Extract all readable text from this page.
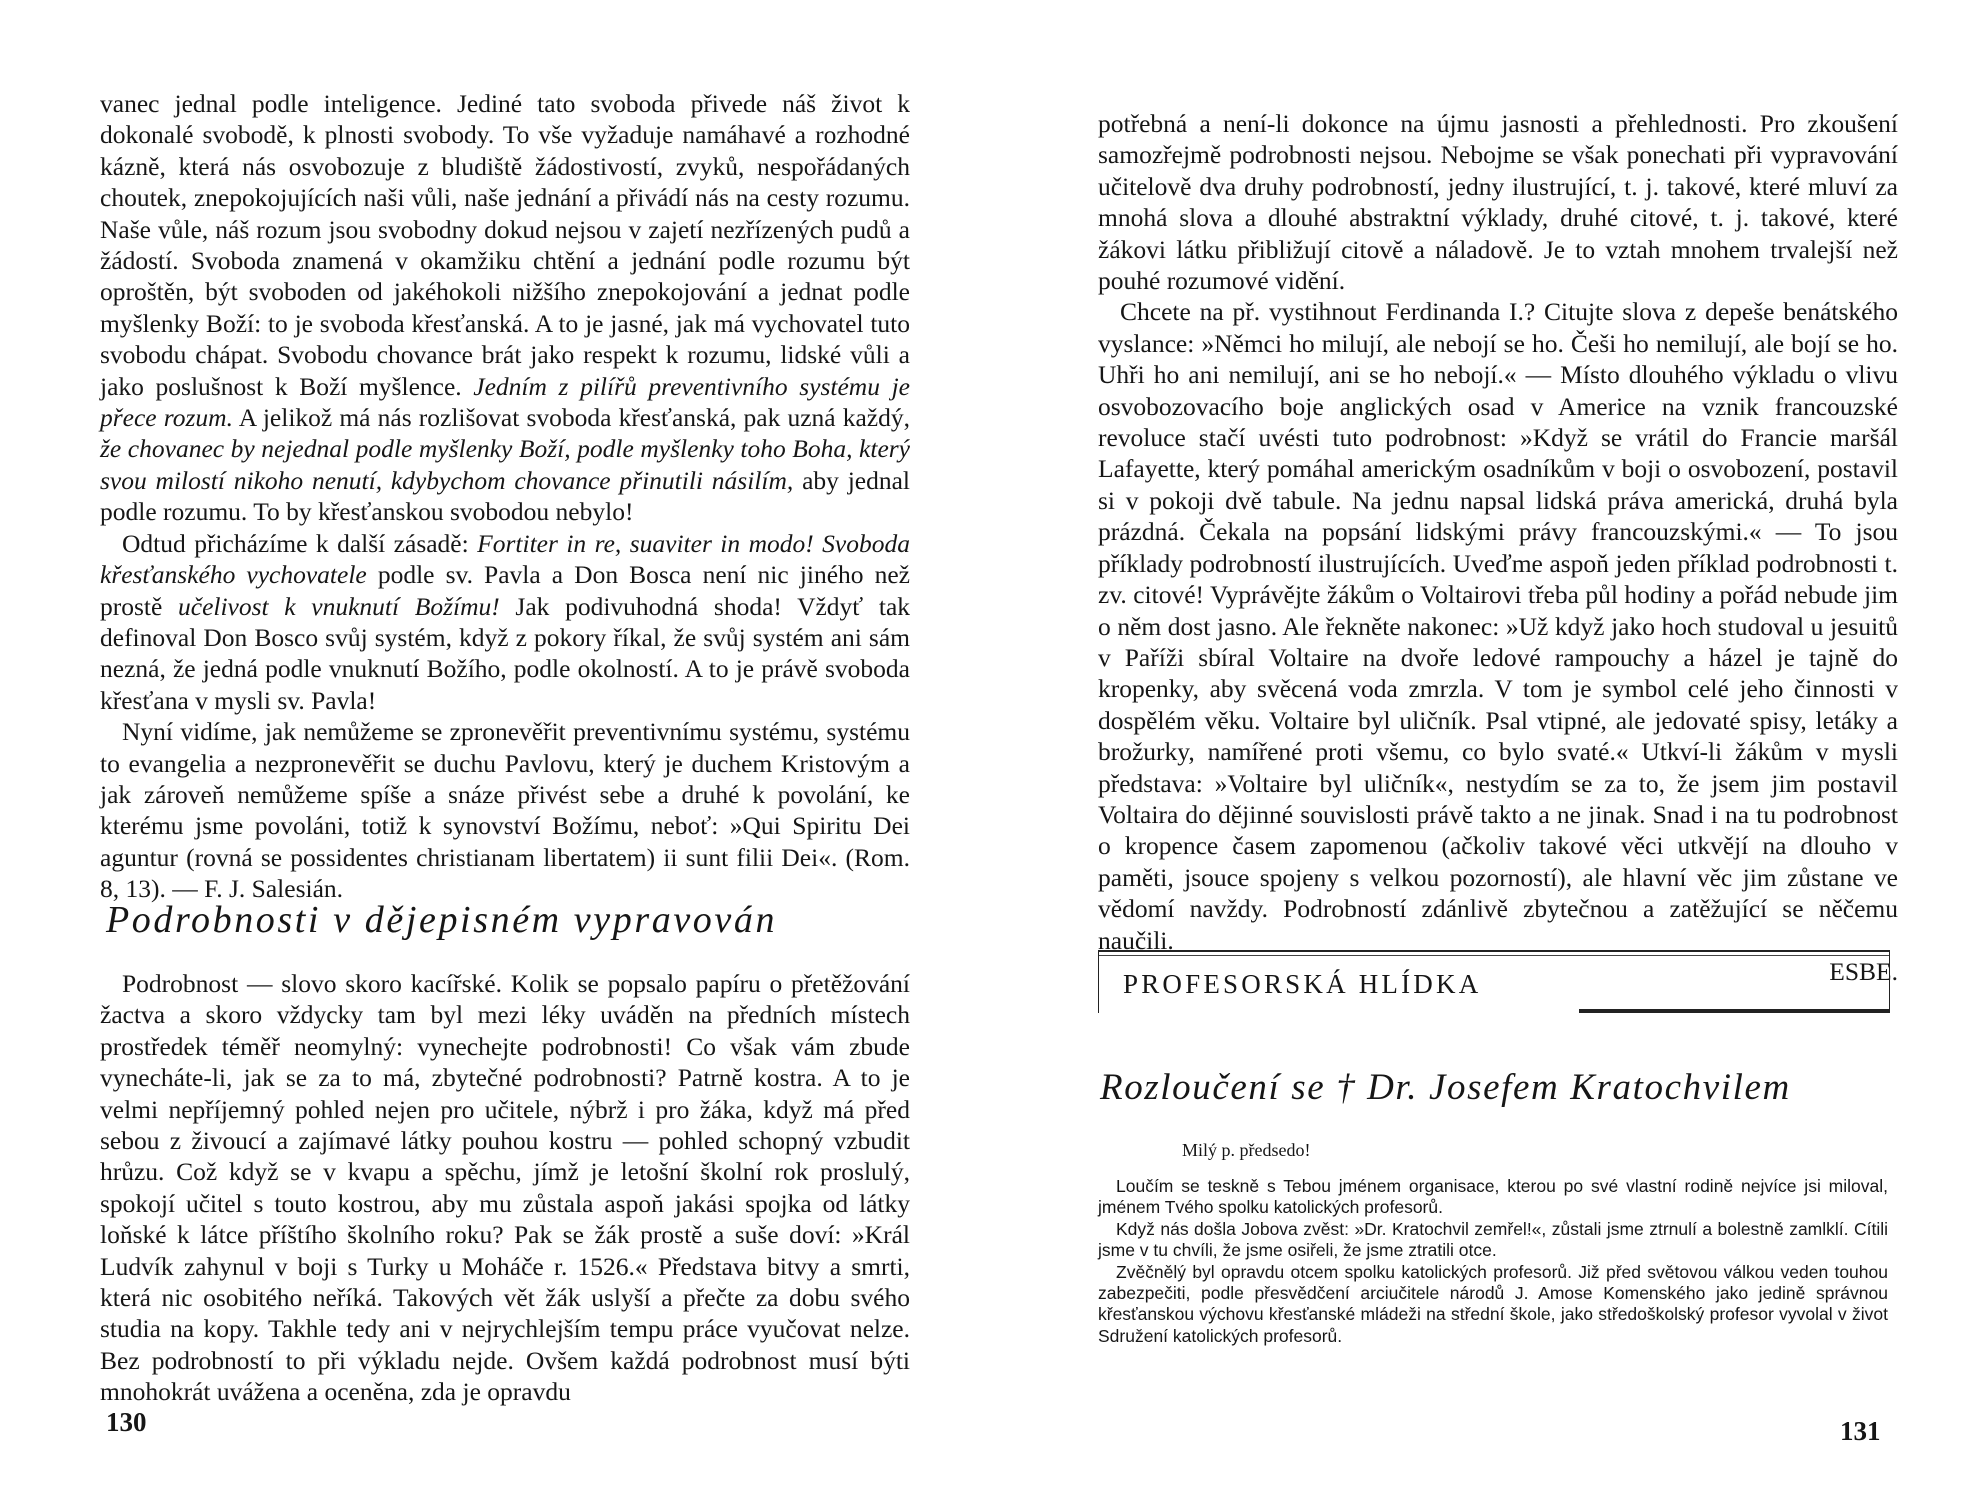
vanec jednal podle inteligence. Jediné tato svoboda přivede náš život k dokonalé svobodě, k plnosti svobody. To vše vyžaduje namáhavé a rozhodné kázně, která nás osvobozuje z bludiště žádostivostí, zvyků, nespořádaných choutek, znepokojujících naši vůli, naše jednání a přivádí nás na cesty rozumu. Naše vůle, náš rozum jsou svobodny dokud nejsou v zajetí nezřízených pudů a žádostí. Svoboda znamená v okamžiku chtění a jednání podle rozumu být oproštěn, být svoboden od jakéhokoli nižšího znepokojování a jednat podle myšlenky Boží: to je svoboda křesťanská. A to je jasné, jak má vychovatel tuto svobodu chápat. Svobodu chovance brát jako respekt k rozumu, lidské vůli a jako poslušnost k Boží myšlence. Jedním z pilířů preventivního systému je přece rozum. A jelikož má nás rozlišovat svoboda křesťanská, pak uzná každý, že chovanec by nejednal podle myšlenky Boží, podle myšlenky toho Boha, který svou milostí nikoho nenutí, kdybychom chovance přinutili násilím, aby jednal podle rozumu. To by křesťanskou svobodou nebylo!

Odtud přicházíme k další zásadě: Fortiter in re, suaviter in modo! Svoboda křesťanského vychovatele podle sv. Pavla a Don Bosca není nic jiného než prostě učelivost k vnuknutí Božímu! Jak podivuhodná shoda! Vždyť tak definoval Don Bosco svůj systém, když z pokory říkal, že svůj systém ani sám nezná, že jedná podle vnuknutí Božího, podle okolností. A to je právě svoboda křesťana v mysli sv. Pavla!

Nyní vidíme, jak nemůžeme se zpronevěřit preventivnímu systému, systému to evangelia a nezpronevěřit se duchu Pavlovu, který je duchem Kristovým a jak zároveň nemůžeme spíše a snáze přivést sebe a druhé k povolání, ke kterému jsme povoláni, totiž k synovství Božímu, neboť: »Qui Spiritu Dei aguntur (rovná se possidentes christianam libertatem) ii sunt filii Dei«. (Rom. 8, 13). — F. J. Salesián.

Podrobnosti v dějepisném vypravován

Podrobnost — slovo skoro kacířské. Kolik se popsalo papíru o přetěžování žactva a skoro vždycky tam byl mezi léky uváděn na předních místech prostředek téměř neomylný: vynechejte podrobnosti! Co však vám zbude vynecháte-li, jak se za to má, zbytečné podrobnosti? Patrně kostra. A to je velmi nepříjemný pohled nejen pro učitele, nýbrž i pro žáka, když má před sebou z živoucí a zajímavé látky pouhou kostru — pohled schopný vzbudit hrůzu. Což když se v kvapu a spěchu, jímž je letošní školní rok proslulý, spokojí učitel s touto kostrou, aby mu zůstala aspoň jakási spojka od látky loňské k látce příštího školního roku? Pak se žák prostě a suše doví: »Král Ludvík zahynul v boji s Turky u Moháče r. 1526.« Představa bitvy a smrti, která nic osobitého neříká. Takových vět žák uslyší a přečte za dobu svého studia na kopy. Takhle tedy ani v nejrychlejším tempu práce vyučovat nelze. Bez podrobností to při výkladu nejde. Ovšem každá podrobnost musí býti mnohokrát uvážena a oceněna, zda je opravdu

130

potřebná a není-li dokonce na újmu jasnosti a přehlednosti. Pro zkoušení samozřejmě podrobnosti nejsou. Nebojme se však ponechati při vypravování učitelově dva druhy podrobností, jedny ilustrující, t. j. takové, které mluví za mnohá slova a dlouhé abstraktní výklady, druhé citové, t. j. takové, které žákovi látku přibližují citově a náladově. Je to vztah mnohem trvalejší než pouhé rozumové vidění.

Chcete na př. vystihnout Ferdinanda I.? Citujte slova z depeše benátského vyslance: »Němci ho milují, ale nebojí se ho. Češi ho nemilují, ale bojí se ho. Uhři ho ani nemilují, ani se ho nebojí.« — Místo dlouhého výkladu o vlivu osvobozovacího boje anglických osad v Americe na vznik francouzské revoluce stačí uvésti tuto podrobnost: »Když se vrátil do Francie maršál Lafayette, který pomáhal americkým osadníkům v boji o osvobození, postavil si v pokoji dvě tabule. Na jednu napsal lidská práva americká, druhá byla prázdná. Čekala na popsání lidskými právy francouzskými.« — To jsou příklady podrobností ilustrujících. Uveďme aspoň jeden příklad podrobnosti t. zv. citové! Vyprávějte žákům o Voltairovi třeba půl hodiny a pořád nebude jim o něm dost jasno. Ale řekněte nakonec: »Už když jako hoch studoval u jesuitů v Paříži sbíral Voltaire na dvoře ledové rampouchy a házel je tajně do kropenky, aby svěcená voda zmrzla. V tom je symbol celé jeho činnosti v dospělém věku. Voltaire byl uličník. Psal vtipné, ale jedovaté spisy, letáky a brožurky, namířené proti všemu, co bylo svaté.« Utkví-li žákům v mysli představa: »Voltaire byl uličník«, nestydím se za to, že jsem jim postavil Voltaira do dějinné souvislosti právě takto a ne jinak. Snad i na tu podrobnost o kropence časem zapomenou (ačkoliv takové věci utkvějí na dlouho v paměti, jsouce spojeny s velkou pozorností), ale hlavní věc jim zůstane ve vědomí navždy. Podrobností zdánlivě zbytečnou a zatěžující se něčemu naučili.

ESBE.
PROFESORSKÁ HLÍDKA
Rozloučení se † Dr. Josefem Kratochvilem
Milý p. předsedo!

Loučím se teskně s Tebou jménem organisace, kterou po své vlastní rodině nejvíce jsi miloval, jménem Tvého spolku katolických profesorů.

Když nás došla Jobova zvěst: »Dr. Kratochvil zemřel!«, zůstali jsme ztrnulí a bolestně zamlklí. Cítili jsme v tu chvíli, že jsme osiřeli, že jsme ztratili otce.

Zvěčnělý byl opravdu otcem spolku katolických profesorů. Již před světovou válkou veden touhou zabezpečiti, podle přesvědčení arciučitele národů J. Amose Komenského jako jedině správnou křesťanskou výchovu křesťanské mládeži na střední škole, jako středoškolský profesor vyvolal v život Sdružení katolických profesorů.

131
